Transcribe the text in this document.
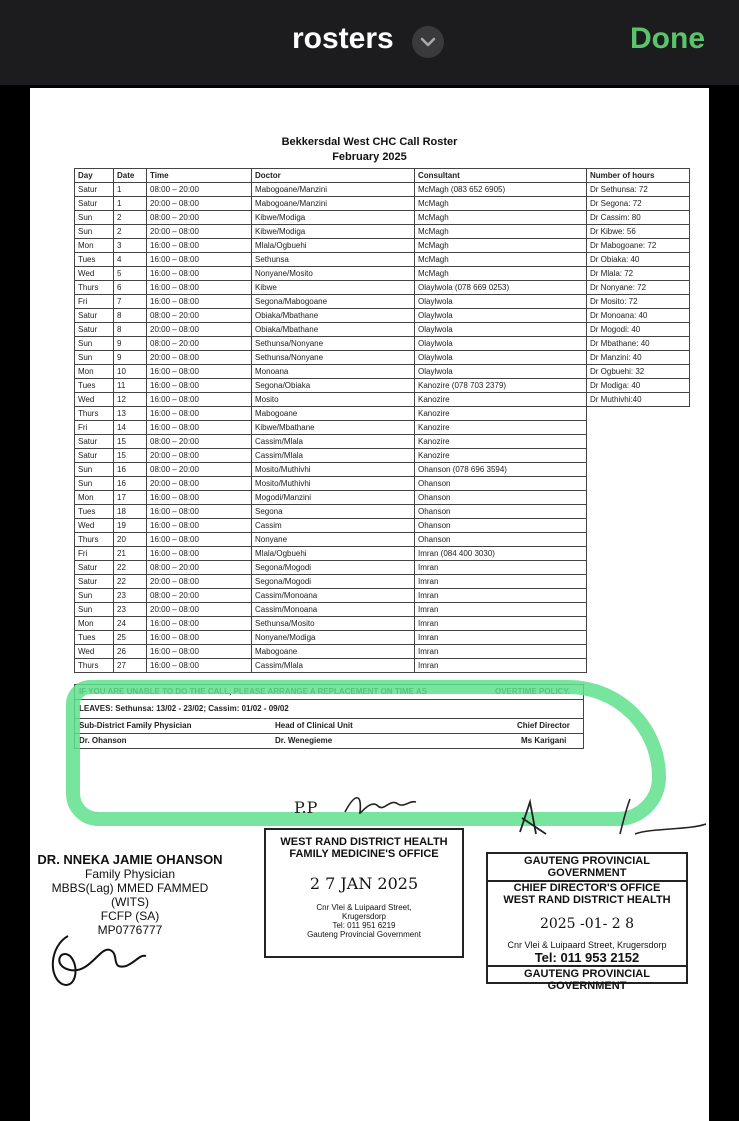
rosters	Done
Bekkersdal West CHC Call Roster
February 2025
Day	Date	Time	Doctor	Consultant	Number of hours
Satur	1	08:00 – 20:00	Mabogoane/Manzini	McMagh (083 652 6905)	Dr Sethunsa: 72
Satur	1	20:00 – 08:00	Mabogoane/Manzini	McMagh	Dr Segona: 72
Sun	2	08:00 – 20:00	Kibwe/Modiga	McMagh	Dr Cassim: 80
Sun	2	20:00 – 08:00	Kibwe/Modiga	McMagh	Dr Kibwe: 56
Mon	3	16:00 – 08:00	Mlala/Ogbuehi	McMagh	Dr Mabogoane: 72
Tues	4	16:00 – 08:00	Sethunsa	McMagh	Dr Obiaka: 40
Wed	5	16:00 – 08:00	Nonyane/Mosito	McMagh	Dr Mlala: 72
Thurs	6	16:00 – 08:00	Kibwe	Olaylwola (078 669 0253)	Dr Nonyane: 72
Fri	7	16:00 – 08:00	Segona/Mabogoane	Olaylwola	Dr Mosito: 72
Satur	8	08:00 – 20:00	Obiaka/Mbathane	Olaylwola	Dr Monoana: 40
Satur	8	20:00 – 08:00	Obiaka/Mbathane	Olaylwola	Dr Mogodi: 40
Sun	9	08:00 – 20:00	Sethunsa/Nonyane	Olaylwola	Dr Mbathane: 40
Sun	9	20:00 – 08:00	Sethunsa/Nonyane	Olaylwola	Dr Manzini: 40
Mon	10	16:00 – 08:00	Monoana	Olaylwola	Dr Ogbuehi: 32
Tues	11	16:00 – 08:00	Segona/Obiaka	Kanozire (078 703 2379)	Dr Modiga: 40
Wed	12	16:00 – 08:00	Mosito	Kanozire	Dr Muthivhi:40
Thurs	13	16:00 – 08:00	Mabogoane	Kanozire	
Fri	14	16:00 – 08:00	Kibwe/Mbathane	Kanozire	
Satur	15	08:00 – 20:00	Cassim/Mlala	Kanozire	
Satur	15	20:00 – 08:00	Cassim/Mlala	Kanozire	
Sun	16	08:00 – 20:00	Mosito/Muthivhi	Ohanson (078 696 3594)	
Sun	16	20:00 – 08:00	Mosito/Muthivhi	Ohanson	
Mon	17	16:00 – 08:00	Mogodi/Manzini	Ohanson	
Tues	18	16:00 – 08:00	Segona	Ohanson	
Wed	19	16:00 – 08:00	Cassim	Ohanson	
Thurs	20	16:00 – 08:00	Nonyane	Ohanson	
Fri	21	16:00 – 08:00	Mlala/Ogbuehi	Imran (084 400 3030)	
Satur	22	08:00 – 20:00	Segona/Mogodi	Imran	
Satur	22	20:00 – 08:00	Segona/Mogodi	Imran	
Sun	23	08:00 – 20:00	Cassim/Monoana	Imran	
Sun	23	20:00 – 08:00	Cassim/Monoana	Imran	
Mon	24	16:00 – 08:00	Sethunsa/Mosito	Imran	
Tues	25	16:00 – 08:00	Nonyane/Modiga	Imran	
Wed	26	16:00 – 08:00	Mabogoane	Imran	
Thurs	27	16:00 – 08:00	Cassim/Mlala	Imran	
IF YOU ARE UNABLE TO DO THE CALL, PLEASE ARRANGE A REPLACEMENT ON TIME AS	OVERTIME POLICY.
LEAVES: Sethunsa: 13/02 - 23/02; Cassim: 01/02 - 09/02
Sub-District Family Physician	Head of Clinical Unit	Chief Director
Dr. Ohanson	Dr. Wenegieme	Ms Karigani
P.P
DR. NNEKA JAMIE OHANSON
Family Physician
MBBS(Lag) MMED FAMMED (WITS)
FCFP (SA)
MP0776777
WEST RAND DISTRICT HEALTH
FAMILY MEDICINE'S OFFICE
2 7 JAN 2025
Cnr Vlei & Luipaard Street,
Krugersdorp
Tel: 011 951 6219
Gauteng Provincial Government
GAUTENG PROVINCIAL GOVERNMENT
CHIEF DIRECTOR'S OFFICE
WEST RAND DISTRICT HEALTH
2025 -01- 2 8
Cnr Vlei & Luipaard Street, Krugersdorp
Tel: 011 953 2152
GAUTENG PROVINCIAL GOVERNMENT
